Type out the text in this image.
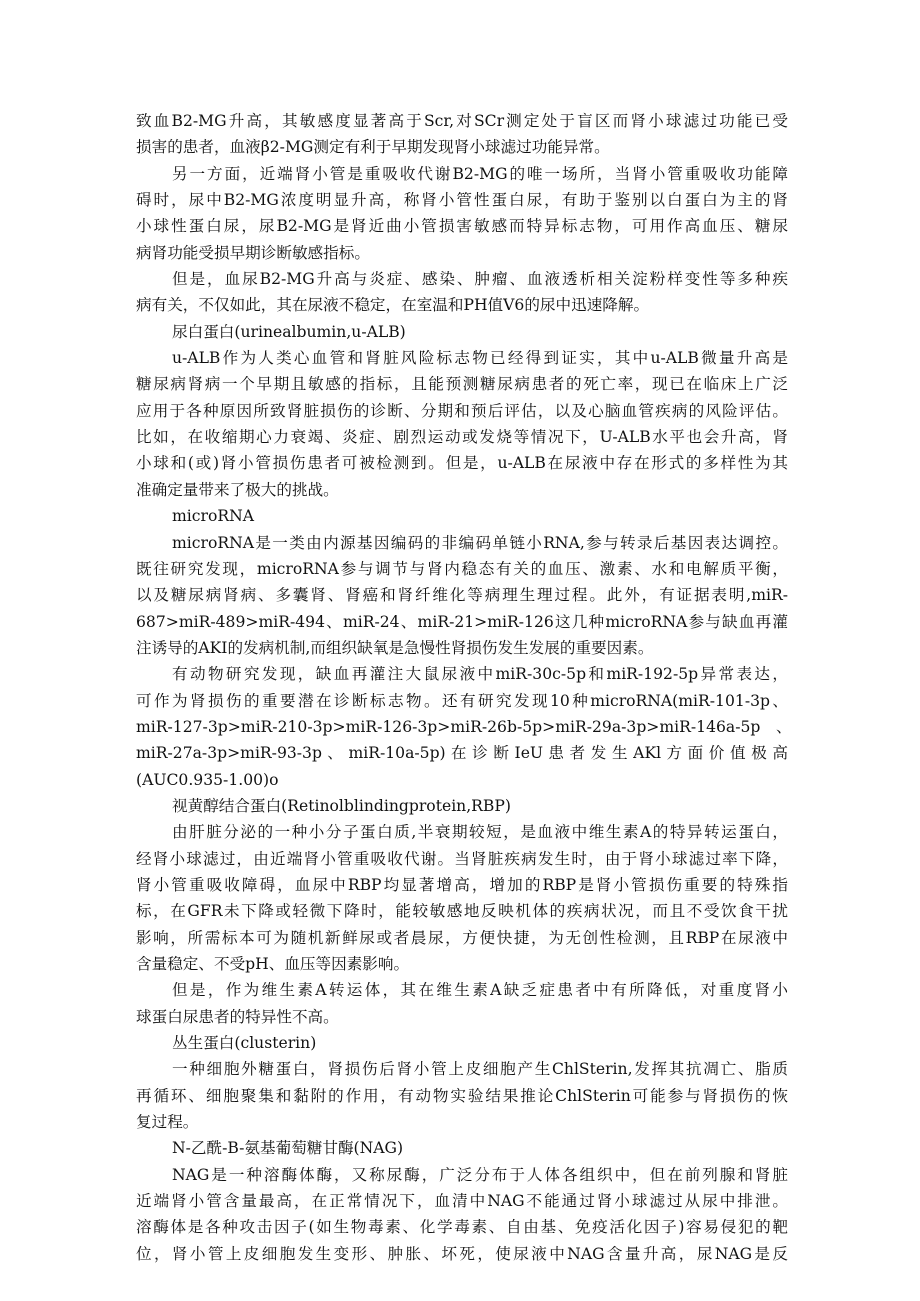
致血B2-MG升高，其敏感度显著高于Scr,对SCr测定处于盲区而肾小球滤过功能已受
损害的患者，血液β2-MG测定有利于早期发现肾小球滤过功能异常。
另一方面，近端肾小管是重吸收代谢B2-MG的唯一场所，当肾小管重吸收功能障
碍时，尿中B2-MG浓度明显升高，称肾小管性蛋白尿，有助于鉴别以白蛋白为主的肾
小球性蛋白尿，尿B2-MG是肾近曲小管损害敏感而特异标志物，可用作高血压、糖尿
病肾功能受损早期诊断敏感指标。
但是，血尿B2-MG升高与炎症、感染、肿瘤、血液透析相关淀粉样变性等多种疾
病有关，不仅如此，其在尿液不稳定，在室温和PH值V6的尿中迅速降解。
尿白蛋白(urinealbumin,u-ALB)
u-ALB作为人类心血管和肾脏风险标志物已经得到证实，其中u-ALB微量升高是
糖尿病肾病一个早期且敏感的指标，且能预测糖尿病患者的死亡率，现已在临床上广泛
应用于各种原因所致肾脏损伤的诊断、分期和预后评估，以及心脑血管疾病的风险评估。
比如，在收缩期心力衰竭、炎症、剧烈运动或发烧等情况下，U-ALB水平也会升高，肾
小球和(或)肾小管损伤患者可被检测到。但是，u-ALB在尿液中存在形式的多样性为其
准确定量带来了极大的挑战。
microRNA
microRNA是一类由内源基因编码的非编码单链小RNA,参与转录后基因表达调控。
既往研究发现，microRNA参与调节与肾内稳态有关的血压、激素、水和电解质平衡，
以及糖尿病肾病、多囊肾、肾癌和肾纤维化等病理生理过程。此外，有证据表明,miR-
687>miR-489>miR-494、miR-24、miR-21>miR-126这几种microRNA参与缺血再灌
注诱导的AKI的发病机制,而组织缺氧是急慢性肾损伤发生发展的重要因素。
有动物研究发现，缺血再灌注大鼠尿液中miR-30c-5p和miR-192-5p异常表达，
可作为肾损伤的重要潜在诊断标志物。还有研究发现10种microRNA(miR-101-3p、
miR-127-3p>miR-210-3p>miR-126-3p>miR-26b-5p>miR-29a-3p>miR-146a-5p　、
miR-27a-3p>miR-93-3p 、 miR-10a-5p) 在 诊 断 IeU 患 者 发 生 AKl 方 面 价 值 极 高
(AUC0.935-1.00)o
视黄醇结合蛋白(Retinolblindingprotein,RBP)
由肝脏分泌的一种小分子蛋白质,半衰期较短，是血液中维生素A的特异转运蛋白，
经肾小球滤过，由近端肾小管重吸收代谢。当肾脏疾病发生时，由于肾小球滤过率下降，
肾小管重吸收障碍，血尿中RBP均显著增高，增加的RBP是肾小管损伤重要的特殊指
标，在GFR未下降或轻微下降时，能较敏感地反映机体的疾病状况，而且不受饮食干扰
影响，所需标本可为随机新鲜尿或者晨尿，方便快捷，为无创性检测，且RBP在尿液中
含量稳定、不受pH、血压等因素影响。
但是，作为维生素A转运体，其在维生素A缺乏症患者中有所降低，对重度肾小
球蛋白尿患者的特异性不高。
丛生蛋白(clusterin)
一种细胞外糖蛋白，肾损伤后肾小管上皮细胞产生ChlSterin,发挥其抗凋亡、脂质
再循环、细胞聚集和黏附的作用，有动物实验结果推论ChlSterin可能参与肾损伤的恢
复过程。
N-乙酰-B-氨基葡萄糖甘酶(NAG)
NAG是一种溶酶体酶，又称尿酶，广泛分布于人体各组织中，但在前列腺和肾脏
近端肾小管含量最高，在正常情况下，血清中NAG不能通过肾小球滤过从尿中排泄。
溶酶体是各种攻击因子(如生物毒素、化学毒素、自由基、免疫活化因子)容易侵犯的靶
位，肾小管上皮细胞发生变形、肿胀、坏死，使尿液中NAG含量升高，尿NAG是反
